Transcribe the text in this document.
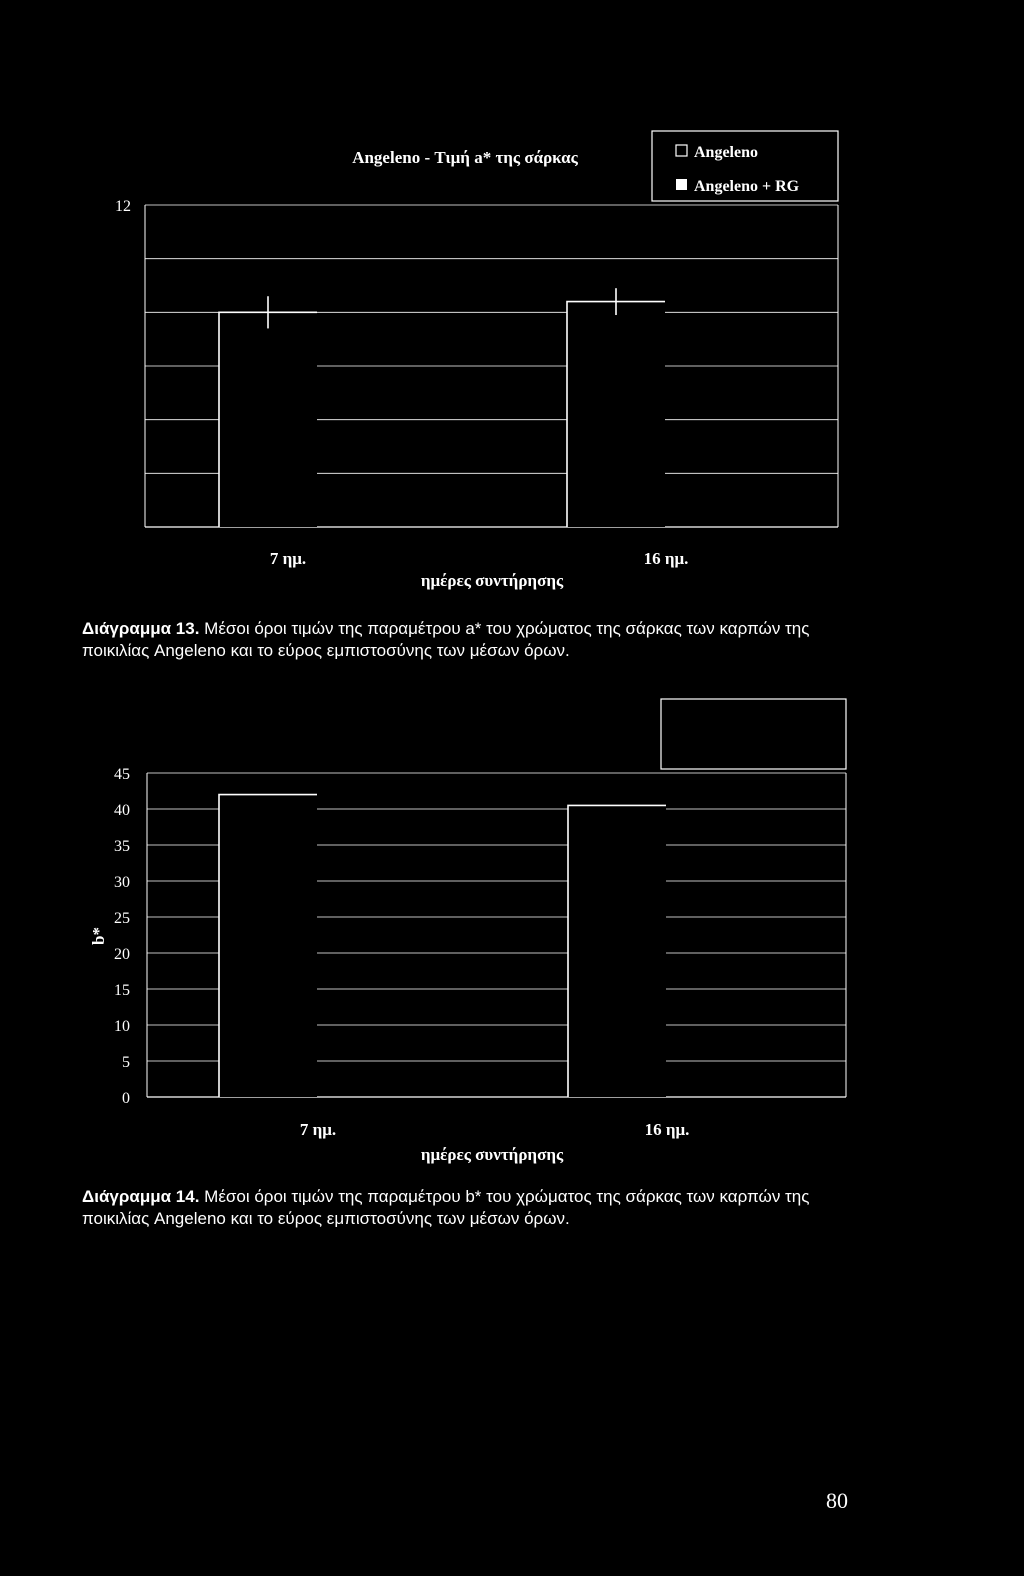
Angeleno - Τιμή a* της σάρκας
12
7 ημ.	16 ημ.
ημέρες συντήρησης
Angeleno
Angeleno + RG
Διάγραμμα 13. Μέσοι όροι τιμών της παραμέτρου a* του χρώματος της σάρκας των καρπών της ποικιλίας Angeleno και το εύρος εμπιστοσύνης των μέσων όρων.
0
5
10
15
20
25
30
35
40
45
7 ημ.	16 ημ.
b*
ημέρες συντήρησης
Διάγραμμα 14. Μέσοι όροι τιμών της παραμέτρου b* του χρώματος της σάρκας των καρπών της ποικιλίας Angeleno και το εύρος εμπιστοσύνης των μέσων όρων.
80
